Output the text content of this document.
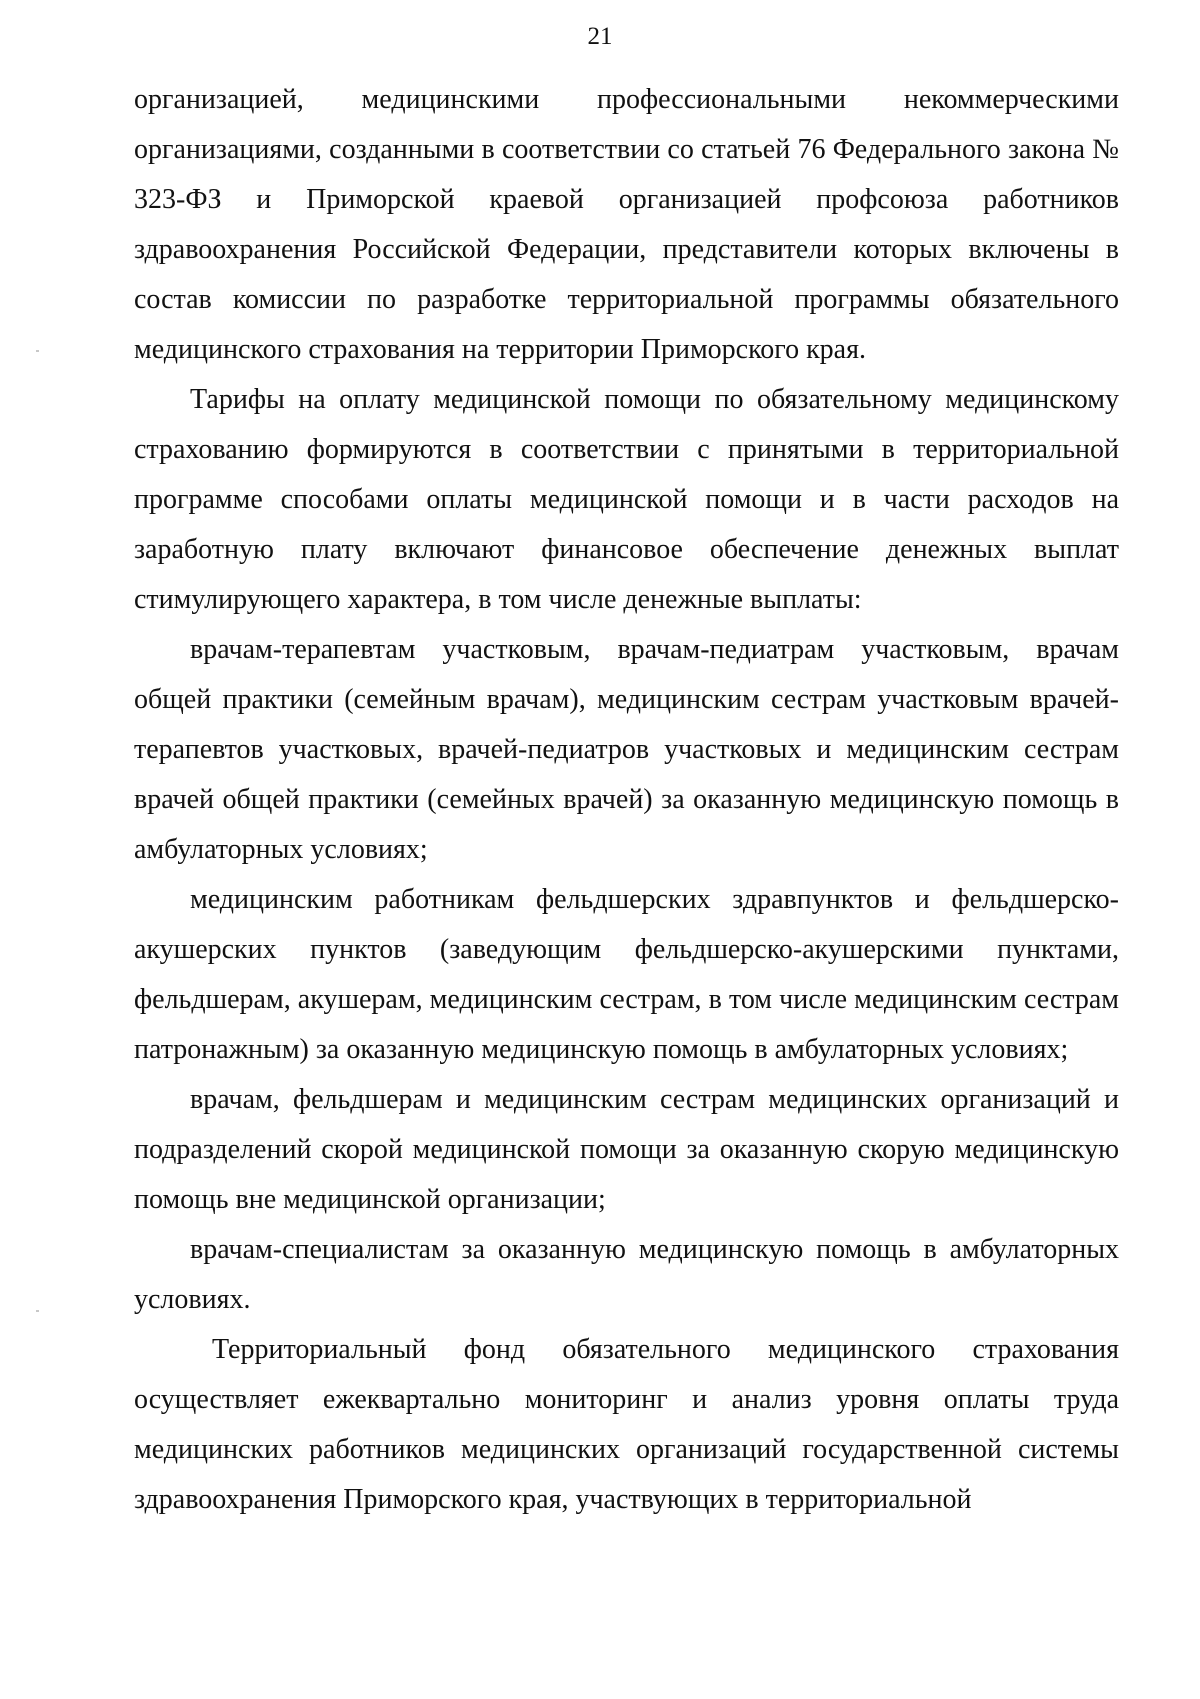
21

организацией, медицинскими профессиональными некоммерческими организациями, созданными в соответствии со статьей 76 Федерального закона № 323-ФЗ и Приморской краевой организацией профсоюза работников здравоохранения Российской Федерации, представители которых включены в состав комиссии по разработке территориальной программы обязательного медицинского страхования на территории Приморского края.

Тарифы на оплату медицинской помощи по обязательному медицинскому страхованию формируются в соответствии с принятыми в территориальной программе способами оплаты медицинской помощи и в части расходов на заработную плату включают финансовое обеспечение денежных выплат стимулирующего характера, в том числе денежные выплаты:

врачам-терапевтам участковым, врачам-педиатрам участковым, врачам общей практики (семейным врачам), медицинским сестрам участковым врачей-терапевтов участковых, врачей-педиатров участковых и медицинским сестрам врачей общей практики (семейных врачей) за оказанную медицинскую помощь в амбулаторных условиях;

медицинским работникам фельдшерских здравпунктов и фельдшерско-акушерских пунктов (заведующим фельдшерско-акушерскими пунктами, фельдшерам, акушерам, медицинским сестрам, в том числе медицинским сестрам патронажным) за оказанную медицинскую помощь в амбулаторных условиях;

врачам, фельдшерам и медицинским сестрам медицинских организаций и подразделений скорой медицинской помощи за оказанную скорую медицинскую помощь вне медицинской организации;

врачам-специалистам за оказанную медицинскую помощь в амбулаторных условиях.

Территориальный фонд обязательного медицинского страхования осуществляет ежеквартально мониторинг и анализ уровня оплаты труда медицинских работников медицинских организаций государственной системы здравоохранения Приморского края, участвующих в территориальной
